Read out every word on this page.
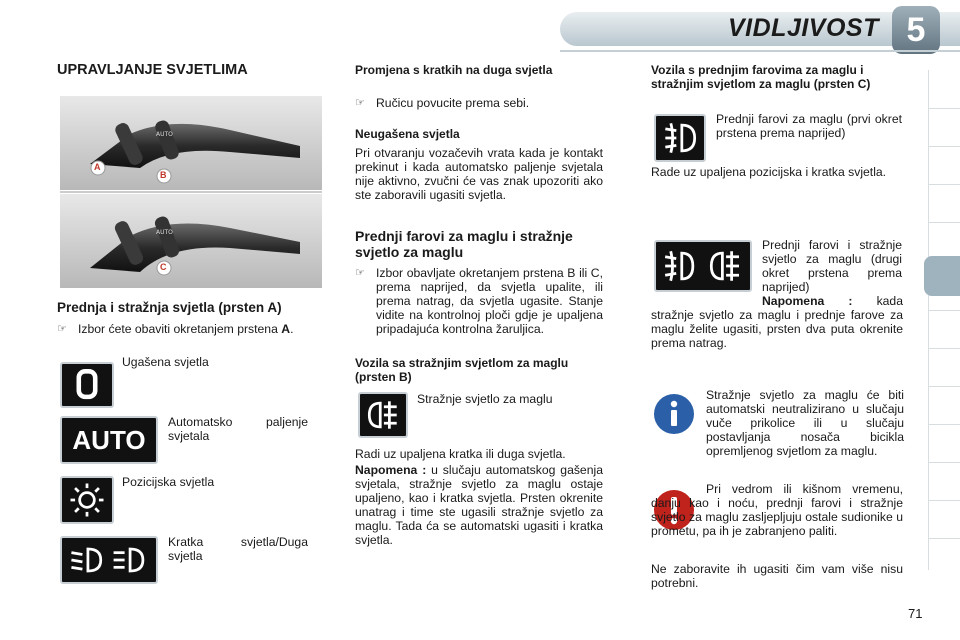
VIDLJIVOST 5
UPRAVLJANJE SVJETLIMA
AUTO
AUTO
A
B
C
Prednja i stražnja svjetla (prsten A)
☞ Izbor ćete obaviti okretanjem prstena A.
Ugašena svjetla
AUTO
Automatsko paljenje svjetala
Pozicijska svjetla
Kratka svjetla/Duga svjetla
Promjena s kratkih na duga svjetla
☞ Ručicu povucite prema sebi.
Neugašena svjetla
Pri otvaranju vozačevih vrata kada je kontakt prekinut i kada automatsko paljenje svjetala nije aktivno, zvučni će vas znak upozoriti ako ste zaboravili ugasiti svjetla.
Prednji farovi za maglu i stražnje svjetlo za maglu
☞ Izbor obavljate okretanjem prstena B ili C, prema naprijed, da svjetla upalite, ili prema natrag, da svjetla ugasite. Stanje vidite na kontrolnoj ploči gdje je upaljena pripadajuća kontrolna žaruljica.
Vozila sa stražnjim svjetlom za maglu (prsten B)
Stražnje svjetlo za maglu
Radi uz upaljena kratka ili duga svjetla.
Napomena : u slučaju automatskog gašenja svjetala, stražnje svjetlo za maglu ostaje upaljeno, kao i kratka svjetla. Prsten okrenite unatrag i time ste ugasili stražnje svjetlo za maglu. Tada ća se automatski ugasiti i kratka svjetla.
Vozila s prednjim farovima za maglu i stražnjim svjetlom za maglu (prsten C)
Prednji farovi za maglu (prvi okret prstena prema naprijed)
Rade uz upaljena pozicijska i kratka svjetla.
Prednji farovi i stražnje svjetlo za maglu (drugi okret prstena prema naprijed)
Napomena : kada stražnje svjetlo za maglu i prednje farove za maglu želite ugasiti, prsten dva puta okrenite prema natrag.
Stražnje svjetlo za maglu će biti automatski neutralizirano u slučaju vuče prikolice ili u slučaju postavljanja nosača bicikla opremljenog svjetlom za maglu.
Pri vedrom ili kišnom vremenu, danju kao i noću, prednji farovi i stražnje svjetlo za maglu zasljepljuju ostale sudionike u prometu, pa ih je zabranjeno paliti.
Ne zaboravite ih ugasiti čim vam više nisu potrebni.
71
